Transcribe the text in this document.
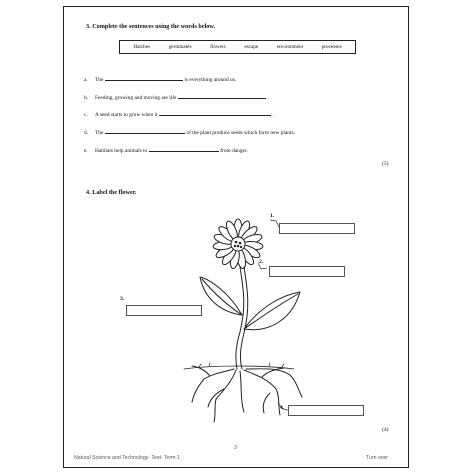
3. Complete the sentences using the words below.
Hatches	germinates	flowers	escape	environment	processes
a.	The	is everything around us.
b.	Feeding, growing and moving are life	.
c.	A seed starts to grow when it	.
d.	The	of the plant produce seeds which form new plants.
e.	Habitats help animals to	from danger.
(5)
4. Label the flower.
1.
2.
3.
4.
(4)
3
Natural Science and Technology- Test- Term 1	Turn over
